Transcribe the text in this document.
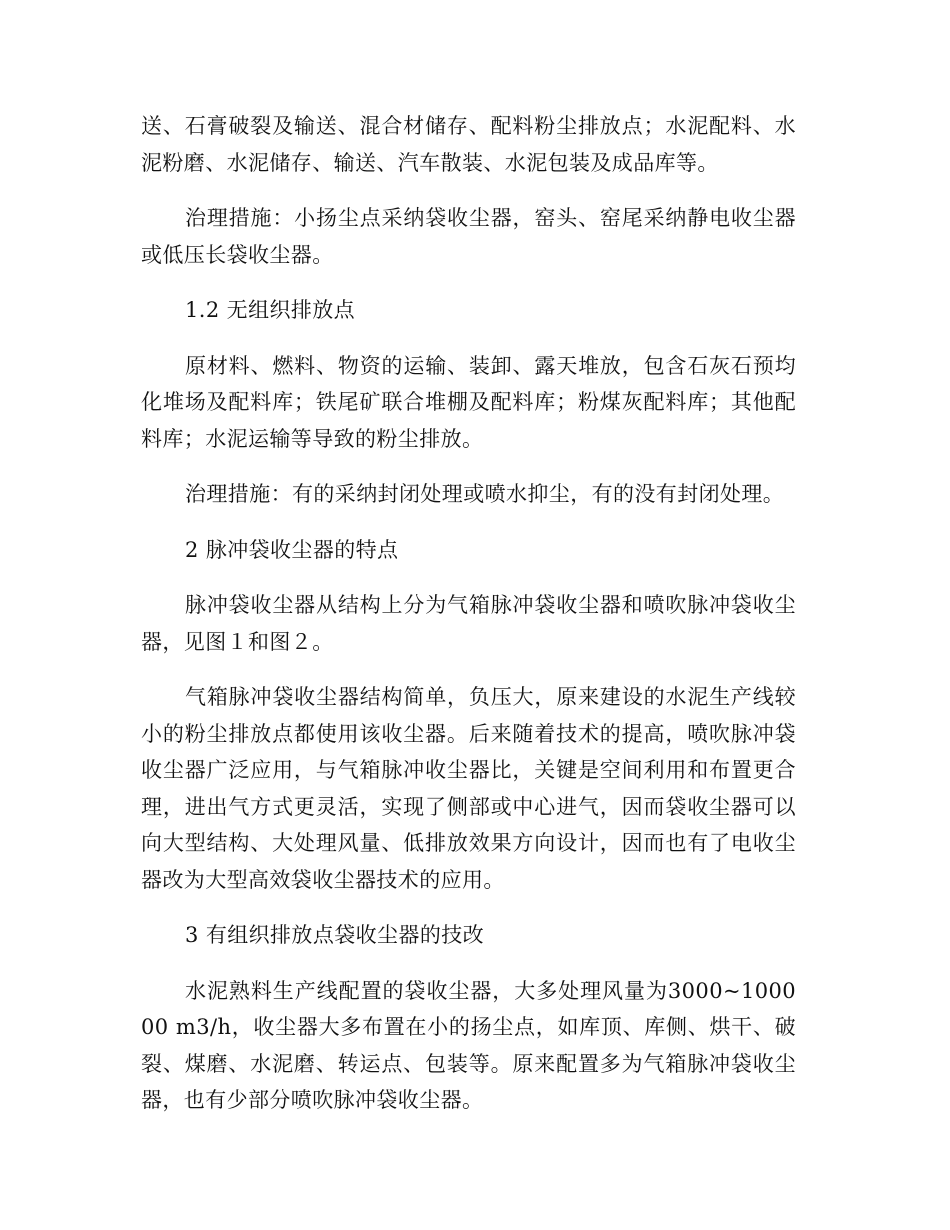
送、石膏破裂及输送、混合材储存、配料粉尘排放点；水泥配料、水泥粉磨、水泥储存、输送、汽车散装、水泥包装及成品库等。

治理措施：小扬尘点采纳袋收尘器，窑头、窑尾采纳静电收尘器或低压长袋收尘器。

1.2 无组织排放点

原材料、燃料、物资的运输、装卸、露天堆放，包含石灰石预均化堆场及配料库；铁尾矿联合堆棚及配料库；粉煤灰配料库；其他配料库；水泥运输等导致的粉尘排放。

治理措施：有的采纳封闭处理或喷水抑尘，有的没有封闭处理。

2 脉冲袋收尘器的特点

脉冲袋收尘器从结构上分为气箱脉冲袋收尘器和喷吹脉冲袋收尘器，见图１和图２。

气箱脉冲袋收尘器结构简单，负压大，原来建设的水泥生产线较小的粉尘排放点都使用该收尘器。后来随着技术的提高，喷吹脉冲袋收尘器广泛应用，与气箱脉冲收尘器比，关键是空间利用和布置更合理，进出气方式更灵活，实现了侧部或中心进气，因而袋收尘器可以向大型结构、大处理风量、低排放效果方向设计，因而也有了电收尘器改为大型高效袋收尘器技术的应用。

3 有组织排放点袋收尘器的技改

水泥熟料生产线配置的袋收尘器，大多处理风量为3000~100000 m3/h，收尘器大多布置在小的扬尘点，如库顶、库侧、烘干、破裂、煤磨、水泥磨、转运点、包装等。原来配置多为气箱脉冲袋收尘器，也有少部分喷吹脉冲袋收尘器。
